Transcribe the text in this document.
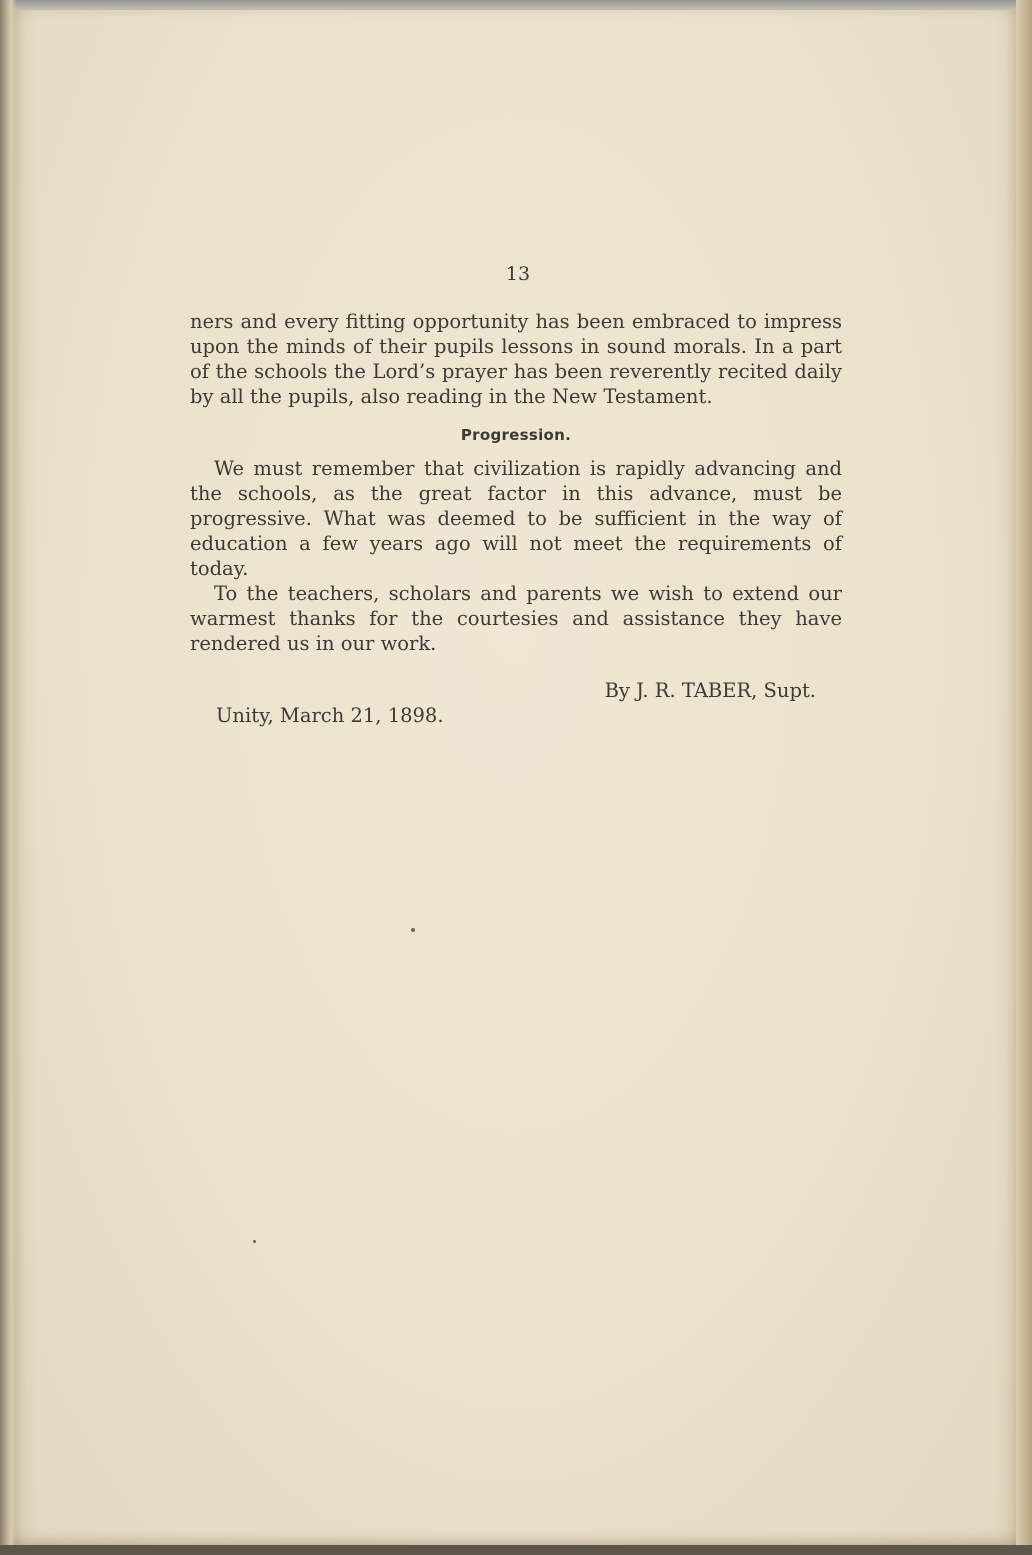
13

ners and every fitting opportunity has been embraced to impress upon the minds of their pupils lessons in sound morals. In a part of the schools the Lord’s prayer has been reverently recited daily by all the pupils, also reading in the New Testament.

Progression.

We must remember that civilization is rapidly advancing and the schools, as the great factor in this advance, must be progressive. What was deemed to be sufficient in the way of education a few years ago will not meet the requirements of today.

To the teachers, scholars and parents we wish to extend our warmest thanks for the courtesies and assistance they have rendered us in our work.

By J. R. TABER, Supt.
Unity, March 21, 1898.
